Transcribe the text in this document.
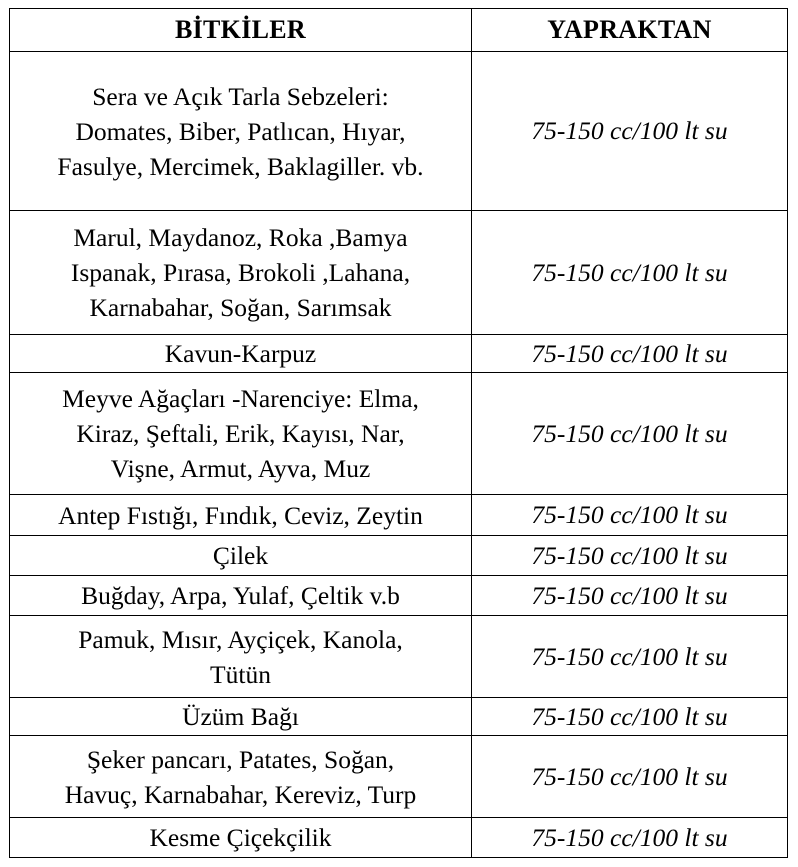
BİTKİLER	YAPRAKTAN

Sera ve Açık Tarla Sebzeleri:
Domates, Biber, Patlıcan, Hıyar,
Fasulye, Mercimek, Baklagiller. vb.	75-150 cc/100 lt su

Marul, Maydanoz, Roka ,Bamya
Ispanak, Pırasa, Brokoli ,Lahana,
Karnabahar, Soğan, Sarımsak	75-150 cc/100 lt su

Kavun-Karpuz	75-150 cc/100 lt su

Meyve Ağaçları -Narenciye: Elma,
Kiraz, Şeftali, Erik, Kayısı, Nar,
Vişne, Armut, Ayva, Muz	75-150 cc/100 lt su

Antep Fıstığı, Fındık, Ceviz, Zeytin	75-150 cc/100 lt su

Çilek	75-150 cc/100 lt su

Buğday, Arpa, Yulaf, Çeltik v.b	75-150 cc/100 lt su

Pamuk, Mısır, Ayçiçek, Kanola,
Tütün	75-150 cc/100 lt su

Üzüm Bağı	75-150 cc/100 lt su

Şeker pancarı, Patates, Soğan,
Havuç, Karnabahar, Kereviz, Turp	75-150 cc/100 lt su

Kesme Çiçekçilik	75-150 cc/100 lt su
